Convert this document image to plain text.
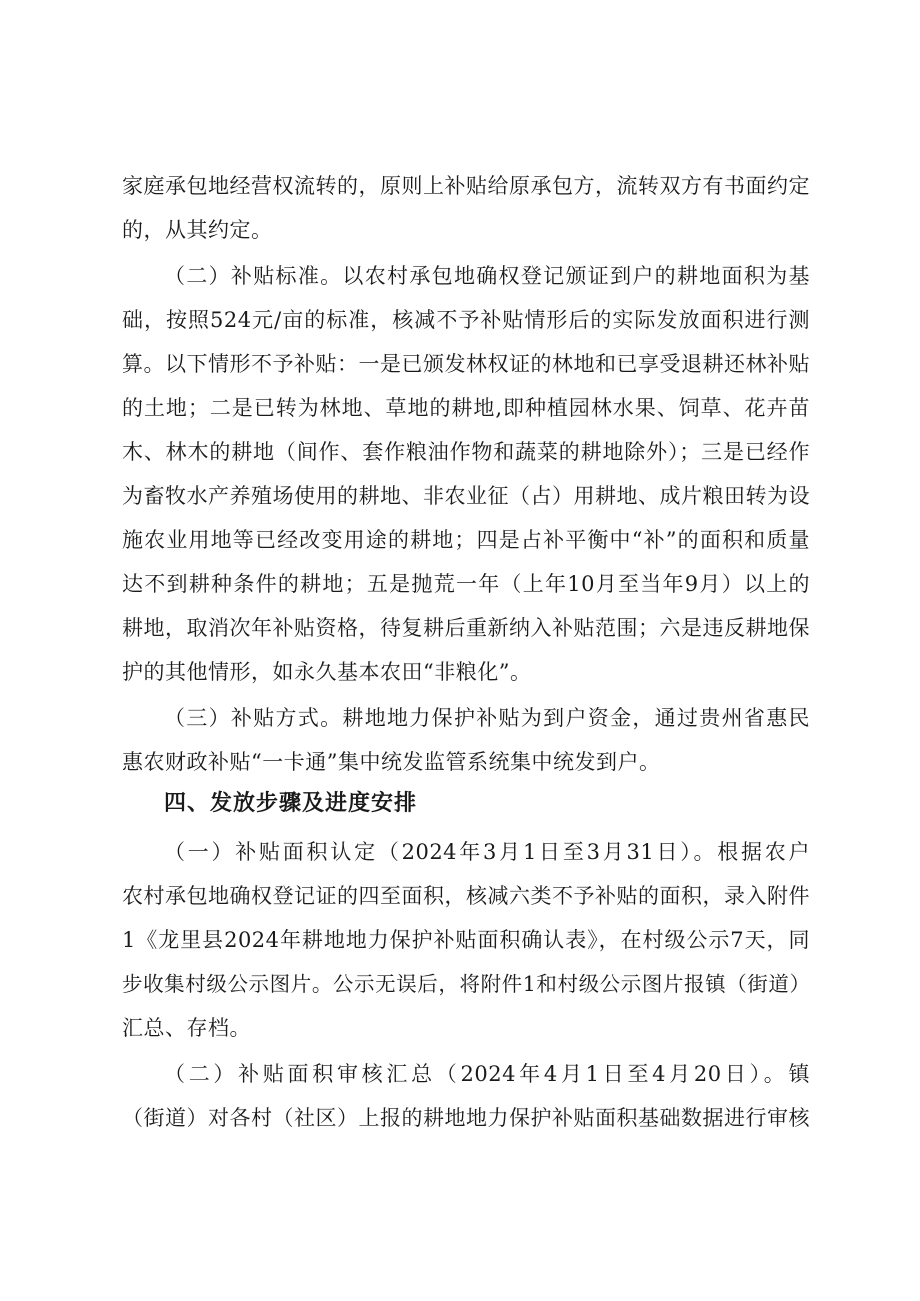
家庭承包地经营权流转的，原则上补贴给原承包方，流转双方有书面约定
的，从其约定。
（二）补贴标准。以农村承包地确权登记颁证到户的耕地面积为基
础，按照524元/亩的标准，核减不予补贴情形后的实际发放面积进行测
算。以下情形不予补贴：一是已颁发林权证的林地和已享受退耕还林补贴
的土地；二是已转为林地、草地的耕地,即种植园林水果、饲草、花卉苗
木、林木的耕地（间作、套作粮油作物和蔬菜的耕地除外）；三是已经作
为畜牧水产养殖场使用的耕地、非农业征（占）用耕地、成片粮田转为设
施农业用地等已经改变用途的耕地；四是占补平衡中“补”的面积和质量
达不到耕种条件的耕地；五是抛荒一年（上年10月至当年9月）以上的
耕地，取消次年补贴资格，待复耕后重新纳入补贴范围；六是违反耕地保
护的其他情形，如永久基本农田“非粮化”。
（三）补贴方式。耕地地力保护补贴为到户资金，通过贵州省惠民
惠农财政补贴“一卡通”集中统发监管系统集中统发到户。
四、发放步骤及进度安排
（一）补贴面积认定（2024年3月1日至3月31日）。根据农户
农村承包地确权登记证的四至面积，核减六类不予补贴的面积，录入附件
1《龙里县2024年耕地地力保护补贴面积确认表》，在村级公示7天，同
步收集村级公示图片。公示无误后，将附件1和村级公示图片报镇（街道）
汇总、存档。
（二）补贴面积审核汇总（2024年4月1日至4月20日）。镇
（街道）对各村（社区）上报的耕地地力保护补贴面积基础数据进行审核
